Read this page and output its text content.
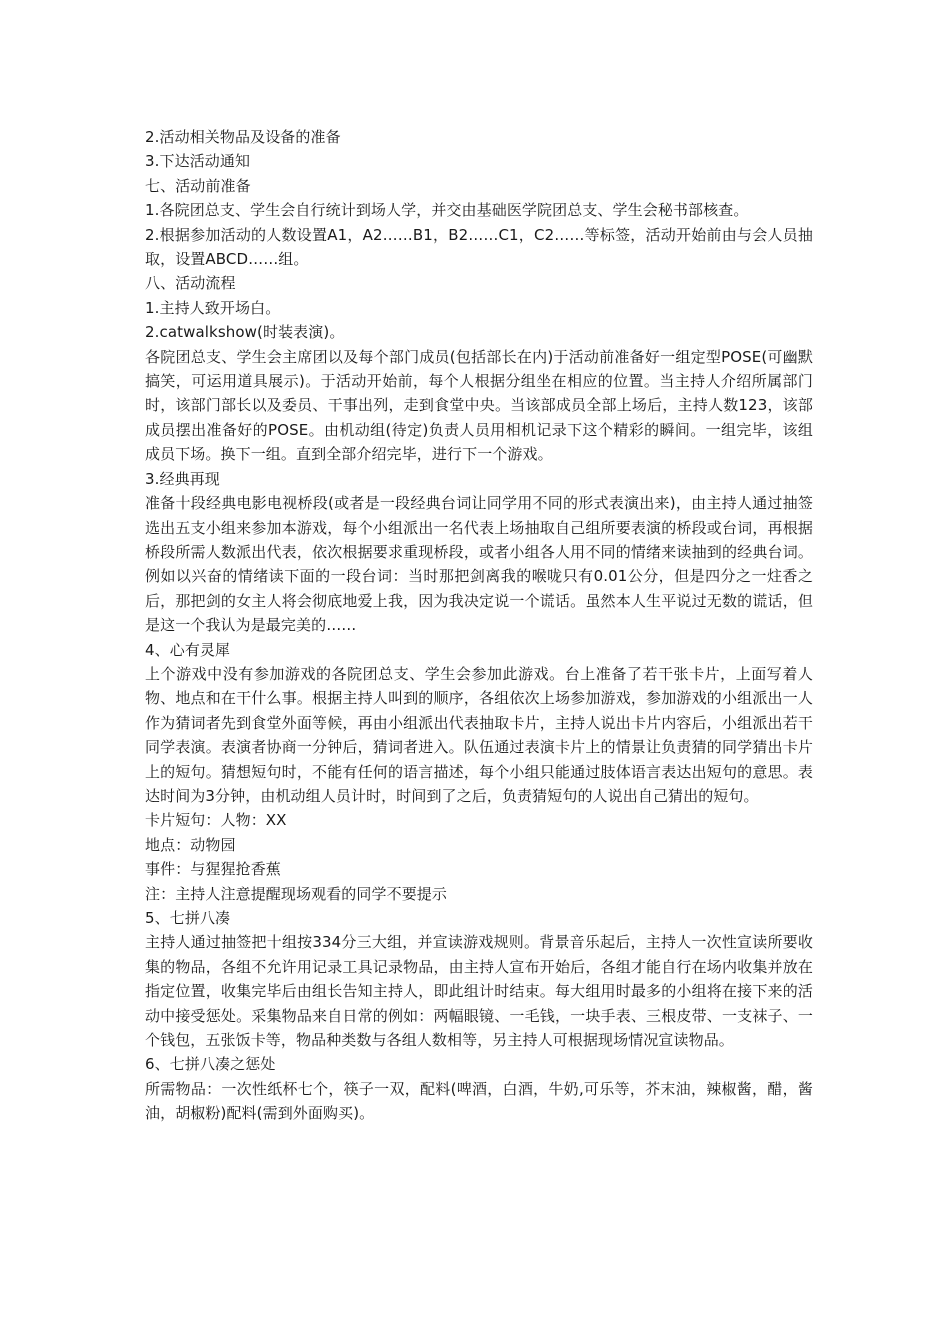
2.活动相关物品及设备的准备

3.下达活动通知

七、活动前准备

1.各院团总支、学生会自行统计到场人学，并交由基础医学院团总支、学生会秘书部核查。

2.根据参加活动的人数设置A1，A2……B1，B2……C1，C2……等标签，活动开始前由与会人员抽取，设置ABCD……组。

八、活动流程

1.主持人致开场白。

2.catwalkshow(时装表演)。

各院团总支、学生会主席团以及每个部门成员(包括部长在内)于活动前准备好一组定型POSE(可幽默搞笑，可运用道具展示)。于活动开始前，每个人根据分组坐在相应的位置。当主持人介绍所属部门时，该部门部长以及委员、干事出列，走到食堂中央。当该部成员全部上场后，主持人数123，该部成员摆出准备好的POSE。由机动组(待定)负责人员用相机记录下这个精彩的瞬间。一组完毕，该组成员下场。换下一组。直到全部介绍完毕，进行下一个游戏。

3.经典再现

准备十段经典电影电视桥段(或者是一段经典台词让同学用不同的形式表演出来)，由主持人通过抽签选出五支小组来参加本游戏，每个小组派出一名代表上场抽取自己组所要表演的桥段或台词，再根据桥段所需人数派出代表，依次根据要求重现桥段，或者小组各人用不同的情绪来读抽到的经典台词。例如以兴奋的情绪读下面的一段台词：当时那把剑离我的喉咙只有0.01公分，但是四分之一炷香之后，那把剑的女主人将会彻底地爱上我，因为我决定说一个谎话。虽然本人生平说过无数的谎话，但是这一个我认为是最完美的……

4、心有灵犀

上个游戏中没有参加游戏的各院团总支、学生会参加此游戏。台上准备了若干张卡片，上面写着人物、地点和在干什么事。根据主持人叫到的顺序，各组依次上场参加游戏，参加游戏的小组派出一人作为猜词者先到食堂外面等候，再由小组派出代表抽取卡片，主持人说出卡片内容后，小组派出若干同学表演。表演者协商一分钟后，猜词者进入。队伍通过表演卡片上的情景让负责猜的同学猜出卡片上的短句。猜想短句时，不能有任何的语言描述，每个小组只能通过肢体语言表达出短句的意思。表达时间为3分钟，由机动组人员计时，时间到了之后，负责猜短句的人说出自己猜出的短句。

卡片短句：人物：XX

地点：动物园

事件：与猩猩抢香蕉

注：主持人注意提醒现场观看的同学不要提示

5、七拼八凑

主持人通过抽签把十组按334分三大组，并宣读游戏规则。背景音乐起后，主持人一次性宣读所要收集的物品，各组不允许用记录工具记录物品，由主持人宣布开始后，各组才能自行在场内收集并放在指定位置，收集完毕后由组长告知主持人，即此组计时结束。每大组用时最多的小组将在接下来的活动中接受惩处。采集物品来自日常的例如：两幅眼镜、一毛钱，一块手表、三根皮带、一支袜子、一个钱包，五张饭卡等，物品种类数与各组人数相等，另主持人可根据现场情况宣读物品。

6、七拼八凑之惩处

所需物品：一次性纸杯七个，筷子一双，配料(啤酒，白酒，牛奶,可乐等，芥末油，辣椒酱，醋，酱油，胡椒粉)配料(需到外面购买)。
